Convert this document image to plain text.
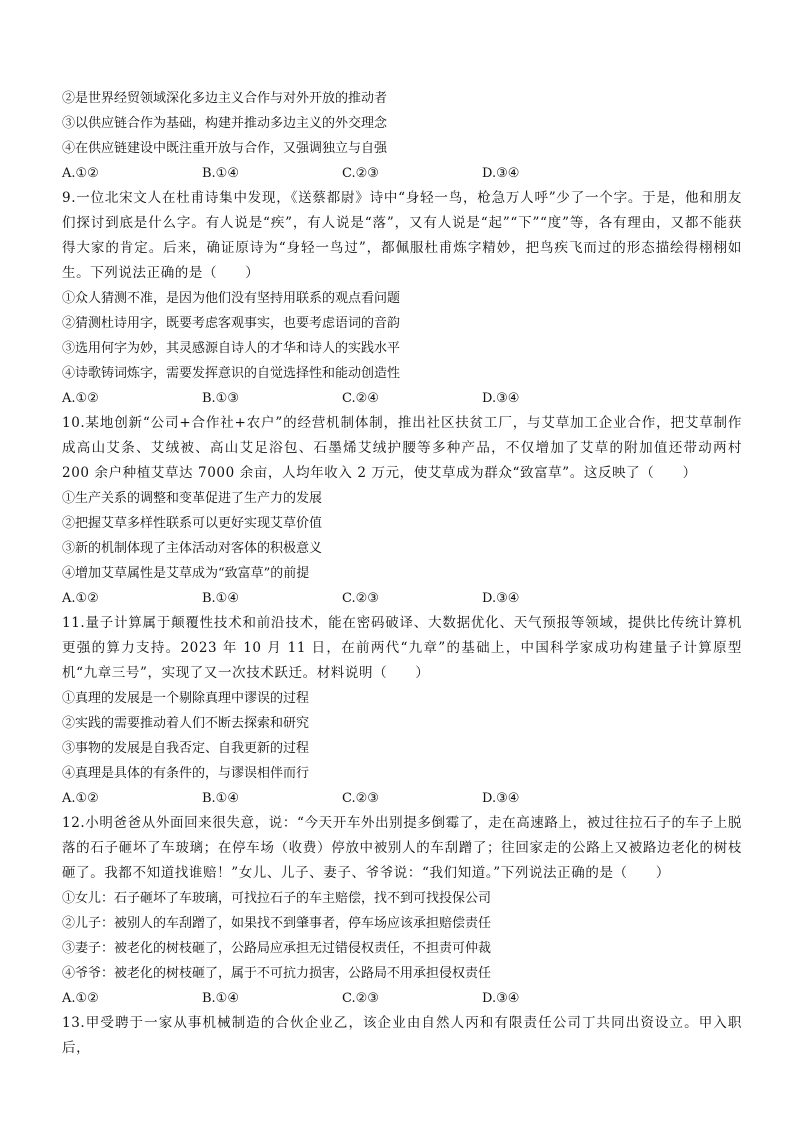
②是世界经贸领域深化多边主义合作与对外开放的推动者
③以供应链合作为基础，构建并推动多边主义的外交理念
④在供应链建设中既注重开放与合作，又强调独立与自强
A.①②	B.①④	C.②③	D.③④
9.一位北宋文人在杜甫诗集中发现，《送蔡都尉》诗中“身轻一鸟，枪急万人呼”少了一个字。于是，他和朋友们探讨到底是什么字。有人说是“疾”，有人说是“落”，又有人说是“起”“下”“度”等，各有理由，又都不能获得大家的肯定。后来，确证原诗为“身轻一鸟过”，都佩服杜甫炼字精妙，把鸟疾飞而过的形态描绘得栩栩如生。下列说法正确的是（　　）
①众人猜测不准，是因为他们没有坚持用联系的观点看问题
②猜测杜诗用字，既要考虑客观事实，也要考虑语词的音韵
③选用何字为妙，其灵感源自诗人的才华和诗人的实践水平
④诗歌铸词炼字，需要发挥意识的自觉选择性和能动创造性
A.①②	B.①③	C.②④	D.③④
10.某地创新“公司+合作社+农户”的经营机制体制，推出社区扶贫工厂，与艾草加工企业合作，把艾草制作成高山艾条、艾绒被、高山艾足浴包、石墨烯艾绒护腰等多种产品，不仅增加了艾草的附加值还带动两村 200 余户种植艾草达 7000 余亩，人均年收入 2 万元，使艾草成为群众“致富草”。这反映了（　　）
①生产关系的调整和变革促进了生产力的发展
②把握艾草多样性联系可以更好实现艾草价值
③新的机制体现了主体活动对客体的积极意义
④增加艾草属性是艾草成为“致富草”的前提
A.①②	B.①④	C.②③	D.③④
11.量子计算属于颠覆性技术和前沿技术，能在密码破译、大数据优化、天气预报等领域，提供比传统计算机更强的算力支持。2023 年 10 月 11 日，在前两代“九章”的基础上，中国科学家成功构建量子计算原型机“九章三号”，实现了又一次技术跃迁。材料说明（　　）
①真理的发展是一个剔除真理中谬误的过程
②实践的需要推动着人们不断去探索和研究
③事物的发展是自我否定、自我更新的过程
④真理是具体的有条件的，与谬误相伴而行
A.①②	B.①④	C.②③	D.③④
12.小明爸爸从外面回来很失意，说：“今天开车外出别提多倒霉了，走在高速路上，被过往拉石子的车子上脱落的石子砸坏了车玻璃；在停车场（收费）停放中被别人的车刮蹭了；往回家走的公路上又被路边老化的树枝砸了。我都不知道找谁赔！”女儿、儿子、妻子、爷爷说：“我们知道。”下列说法正确的是（　　）
①女儿：石子砸坏了车玻璃，可找拉石子的车主赔偿，找不到可找投保公司
②儿子：被别人的车刮蹭了，如果找不到肇事者，停车场应该承担赔偿责任
③妻子：被老化的树枝砸了，公路局应承担无过错侵权责任，不担责可仲裁
④爷爷：被老化的树枝砸了，属于不可抗力损害，公路局不用承担侵权责任
A.①②	B.①④	C.②③	D.③④
13.甲受聘于一家从事机械制造的合伙企业乙，该企业由自然人丙和有限责任公司丁共同出资设立。甲入职后，
